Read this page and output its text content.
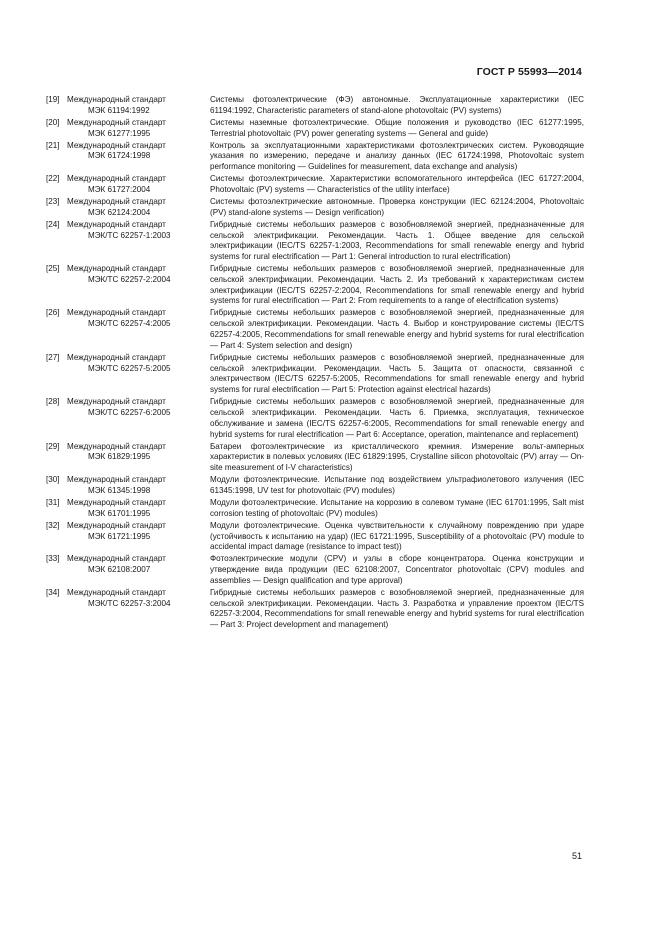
ГОСТ Р 55993—2014
[19] Международный стандарт
МЭК 61194:1992
Системы фотоэлектрические (ФЭ) автономные. Эксплуатационные характеристики (IEC 61194:1992, Characteristic parameters of stand-alone photovoltaic (PV) systems)
[20] Международный стандарт
МЭК 61277:1995
Системы наземные фотоэлектрические. Общие положения и руководство (IEC 61277:1995, Terrestrial photovoltaic (PV) power generating systems — General and guide)
[21] Международный стандарт
МЭК 61724:1998
Контроль за эксплуатационными характеристиками фотоэлектрических систем. Руководящие указания по измерению, передаче и анализу данных (IEC 61724:1998, Photovoltaic system performance monitoring — Guidelines for measurement, data exchange and analysis)
[22] Международный стандарт
МЭК 61727:2004
Системы фотоэлектрические. Характеристики вспомогательного интерфейса (IEC 61727:2004, Photovoltaic (PV) systems — Characteristics of the utility interface)
[23] Международный стандарт
МЭК 62124:2004
Системы фотоэлектрические автономные. Проверка конструкции (IEC 62124:2004, Photovoltaic (PV) stand-alone systems — Design verification)
[24] Международный стандарт
МЭК/ТС 62257-1:2003
Гибридные системы небольших размеров с возобновляемой энергией, предназначенные для сельской электрификации. Рекомендации. Часть 1. Общее введение для сельской электрификации (IEC/TS 62257-1:2003, Recommendations for small renewable energy and hybrid systems for rural electrification — Part 1: General introduction to rural electrification)
[25] Международный стандарт
МЭК/ТС 62257-2:2004
Гибридные системы небольших размеров с возобновляемой энергией, предназначенные для сельской электрификации. Рекомендации. Часть 2. Из требований к характеристикам систем электрификации (IEC/TS 62257-2:2004, Recommendations for small renewable energy and hybrid systems for rural electrification — Part 2: From requirements to a range of electrification systems)
[26] Международный стандарт
МЭК/ТС 62257-4:2005
Гибридные системы небольших размеров с возобновляемой энергией, предназначенные для сельской электрификации. Рекомендации. Часть 4. Выбор и конструирование системы (IEC/TS 62257-4:2005, Recommendations for small renewable energy and hybrid systems for rural electrification — Part 4: System selection and design)
[27] Международный стандарт
МЭК/ТС 62257-5:2005
Гибридные системы небольших размеров с возобновляемой энергией, предназначенные для сельской электрификации. Рекомендации. Часть 5. Защита от опасности, связанной с электричеством (IEC/TS 62257-5:2005, Recommendations for small renewable energy and hybrid systems for rural electrification — Part 5: Protection against electrical hazards)
[28] Международный стандарт
МЭК/ТС 62257-6:2005
Гибридные системы небольших размеров с возобновляемой энергией, предназначенные для сельской электрификации. Рекомендации. Часть 6. Приемка, эксплуатация, техническое обслуживание и замена (IEC/TS 62257-6:2005, Recommendations for small renewable energy and hybrid systems for rural electrification — Part 6: Acceptance, operation, maintenance and replacement)
[29] Международный стандарт
МЭК 61829:1995
Батареи фотоэлектрические из кристаллического кремния. Измерение вольт-амперных характеристик в полевых условиях (IEC 61829:1995, Crystalline silicon photovoltaic (PV) array — On-site measurement of I-V characteristics)
[30] Международный стандарт
МЭК 61345:1998
Модули фотоэлектрические. Испытание под воздействием ультрафиолетового излучения (IEC 61345:1998, UV test for photovoltaic (PV) modules)
[31] Международный стандарт
МЭК 61701:1995
Модули фотоэлектрические. Испытание на коррозию в солевом тумане (IEC 61701:1995, Salt mist corrosion testing of photovoltaic (PV) modules)
[32] Международный стандарт
МЭК 61721:1995
Модули фотоэлектрические. Оценка чувствительности к случайному повреждению при ударе (устойчивость к испытанию на удар) (IEC 61721:1995, Susceptibility of a photovoltaic (PV) module to accidental impact damage (resistance to impact test))
[33] Международный стандарт
МЭК 62108:2007
Фотоэлектрические модули (CPV) и узлы в сборе концентратора. Оценка конструкции и утверждение вида продукции (IEC 62108:2007, Concentrator photovoltaic (CPV) modules and assemblies — Design qualification and type approval)
[34] Международный стандарт
МЭК/ТС 62257-3:2004
Гибридные системы небольших размеров с возобновляемой энергией, предназначенные для сельской электрификации. Рекомендации. Часть 3. Разработка и управление проектом (IEC/TS 62257-3:2004, Recommendations for small renewable energy and hybrid systems for rural electrification — Part 3: Project development and management)
51
